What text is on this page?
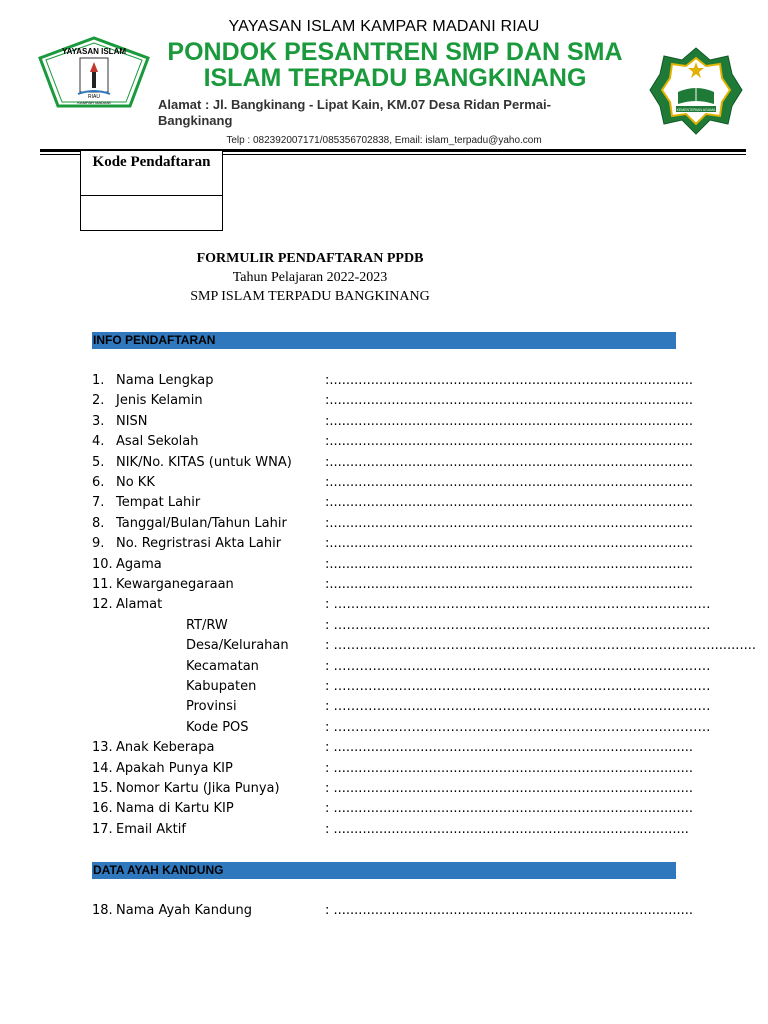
YAYASAN ISLAM
RIAU
KAMPAR MADANI
YAYASAN ISLAM KAMPAR MADANI RIAU
PONDOK PESANTREN SMP DAN SMA
ISLAM TERPADU BANGKINANG
Alamat : Jl. Bangkinang - Lipat Kain, KM.07 Desa Ridan Permai-Bangkinang
Telp : 082392007171/085356702838, Email: islam_terpadu@yaho.com
KEMENTERIAN AGAMA
Kode Pendaftaran
FORMULIR PENDAFTARAN PPDB
Tahun Pelajaran 2022-2023
SMP ISLAM TERPADU BANGKINANG
INFO PENDAFTARAN
1. Nama Lengkap	:........................................................................................
2. Jenis Kelamin	:........................................................................................
3. NISN	:........................................................................................
4. Asal Sekolah	:........................................................................................
5. NIK/No. KITAS (untuk WNA)	:........................................................................................
6. No KK	:........................................................................................
7. Tempat Lahir	:........................................................................................
8. Tanggal/Bulan/Tahun Lahir	:........................................................................................
9. No. Regristrasi Akta Lahir	:........................................................................................
10. Agama	:........................................................................................
11. Kewarganegaraan	:........................................................................................
12. Alamat	: ……………………………………………………………………………
RT/RW	: ……………………………………………………………………………
Desa/Kelurahan	: ……………………………………………………………………………...........
Kecamatan	: ……………………………………………………………………………
Kabupaten	: ……………………………………………………………………………
Provinsi	: ……………………………………………………………………………
Kode POS	: ……………………………………………………………………………
13. Anak Keberapa	: .......................................................................................
14. Apakah Punya KIP	: .......................................................................................
15. Nomor Kartu (Jika Punya)	: .......................................................................................
16. Nama di Kartu KIP	: .......................................................................................
17. Email Aktif	: ......................................................................................
DATA AYAH KANDUNG
18. Nama Ayah Kandung	: .......................................................................................
